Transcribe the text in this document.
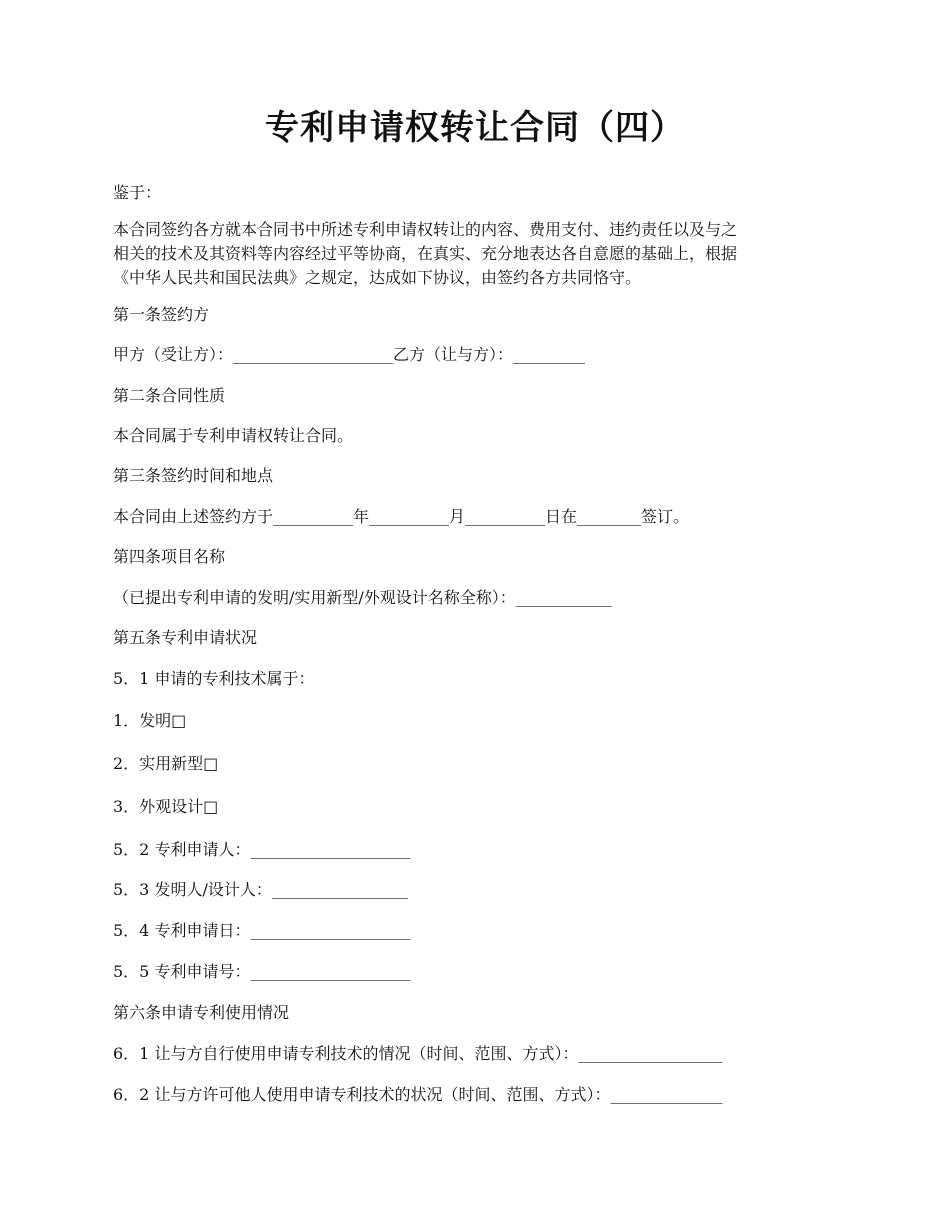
专利申请权转让合同（四）
鉴于：
本合同签约各方就本合同书中所述专利申请权转让的内容、费用支付、违约责任以及与之
相关的技术及其资料等内容经过平等协商，在真实、充分地表达各自意愿的基础上，根据
《中华人民共和国民法典》之规定，达成如下协议，由签约各方共同恪守。
第一条签约方
甲方（受让方）：____________________乙方（让与方）：_________
第二条合同性质
本合同属于专利申请权转让合同。
第三条签约时间和地点
本合同由上述签约方于__________年__________月__________日在________签订。
第四条项目名称
（已提出专利申请的发明/实用新型/外观设计名称全称）：____________
第五条专利申请状况
5．1 申请的专利技术属于：
1．发明□
2．实用新型□
3．外观设计□
5．2 专利申请人：____________________
5．3 发明人/设计人：_________________
5．4 专利申请日：____________________
5．5 专利申请号：____________________
第六条申请专利使用情况
6．1 让与方自行使用申请专利技术的情况（时间、范围、方式）：__________________
6．2 让与方许可他人使用申请专利技术的状况（时间、范围、方式）：______________
